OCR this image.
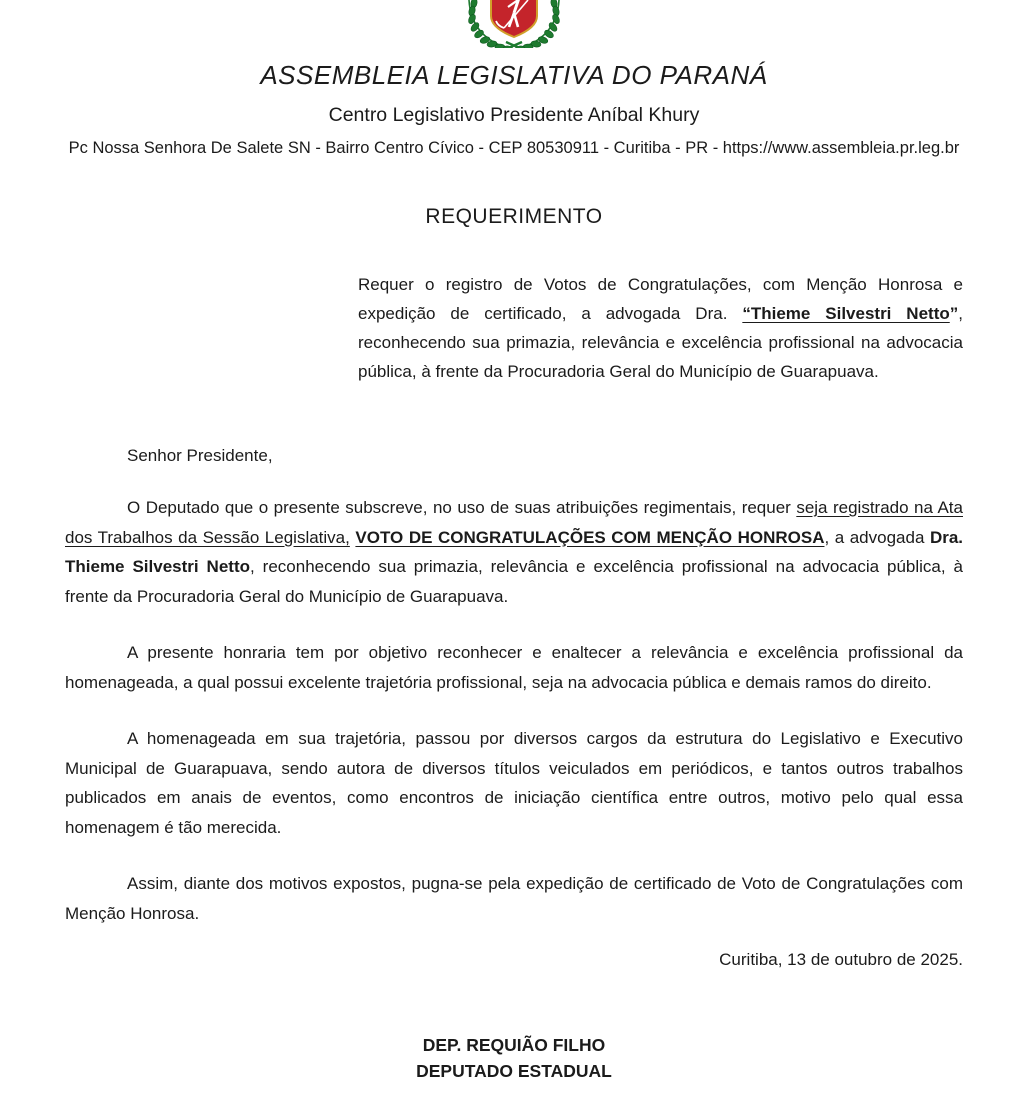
ASSEMBLEIA LEGISLATIVA DO PARANÁ
Centro Legislativo Presidente Aníbal Khury
Pc Nossa Senhora De Salete SN - Bairro Centro Cívico - CEP 80530911 - Curitiba - PR - https://www.assembleia.pr.leg.br
REQUERIMENTO
Requer o registro de Votos de Congratulações, com Menção Honrosa e expedição de certificado, a advogada Dra. “Thieme Silvestri Netto”, reconhecendo sua primazia, relevância e excelência profissional na advocacia pública, à frente da Procuradoria Geral do Município de Guarapuava.
Senhor Presidente,
O Deputado que o presente subscreve, no uso de suas atribuições regimentais, requer seja registrado na Ata dos Trabalhos da Sessão Legislativa, VOTO DE CONGRATULAÇÕES COM MENÇÃO HONROSA, a advogada Dra. Thieme Silvestri Netto, reconhecendo sua primazia, relevância e excelência profissional na advocacia pública, à frente da Procuradoria Geral do Município de Guarapuava.
A presente honraria tem por objetivo reconhecer e enaltecer a relevância e excelência profissional da homenageada, a qual possui excelente trajetória profissional, seja na advocacia pública e demais ramos do direito.
A homenageada em sua trajetória, passou por diversos cargos da estrutura do Legislativo e Executivo Municipal de Guarapuava, sendo autora de diversos títulos veiculados em periódicos, e tantos outros trabalhos publicados em anais de eventos, como encontros de iniciação científica entre outros, motivo pelo qual essa homenagem é tão merecida.
Assim, diante dos motivos expostos, pugna-se pela expedição de certificado de Voto de Congratulações com Menção Honrosa.
Curitiba, 13 de outubro de 2025.
DEP. REQUIÃO FILHO
DEPUTADO ESTADUAL
